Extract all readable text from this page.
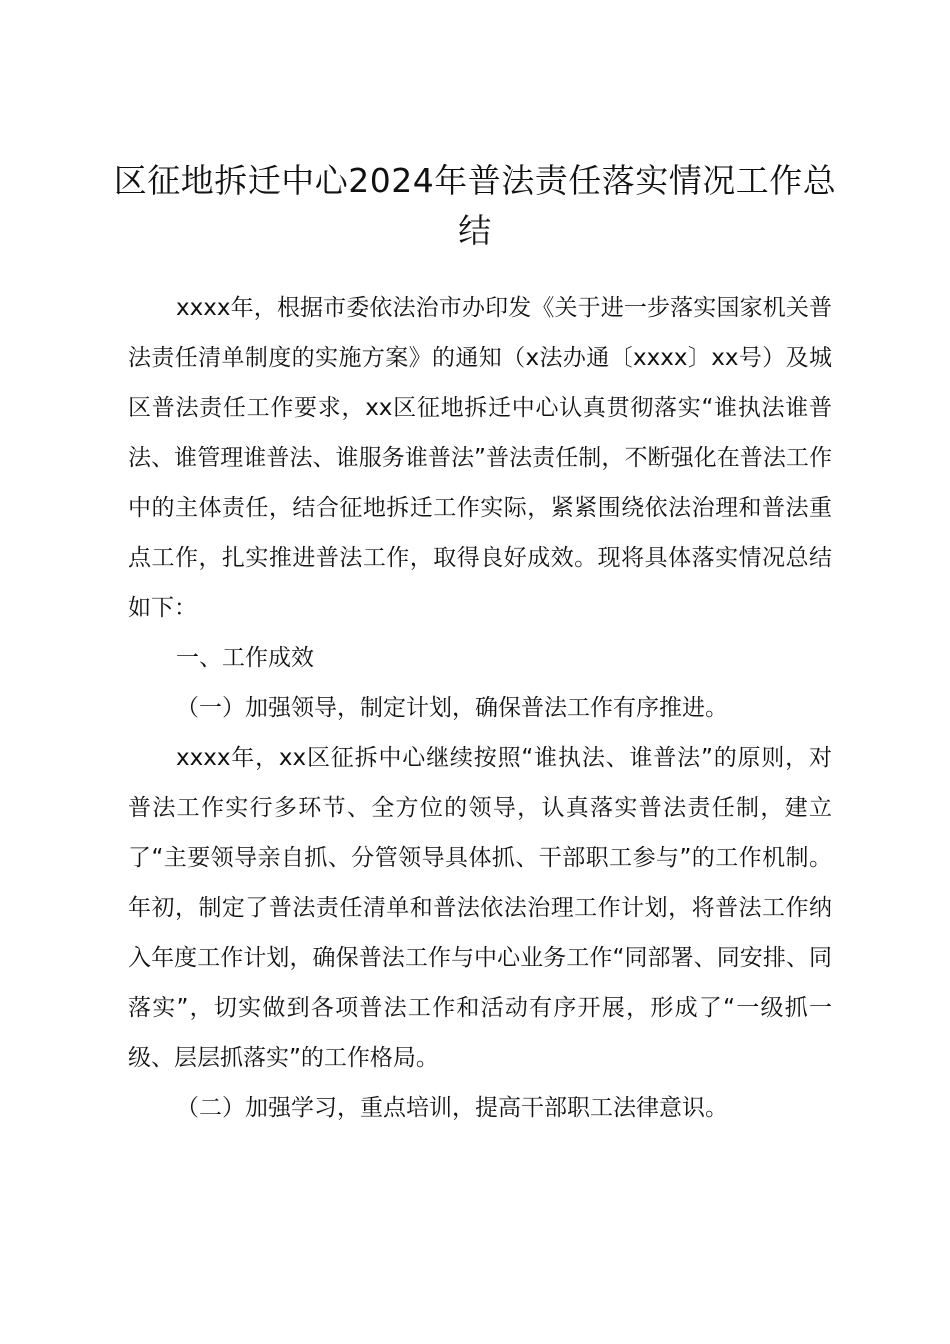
区征地拆迁中心2024年普法责任落实情况工作总结

xxxx年，根据市委依法治市办印发《关于进一步落实国家机关普法责任清单制度的实施方案》的通知（x法办通〔xxxx〕xx号）及城区普法责任工作要求，xx区征地拆迁中心认真贯彻落实“谁执法谁普法、谁管理谁普法、谁服务谁普法”普法责任制，不断强化在普法工作中的主体责任，结合征地拆迁工作实际，紧紧围绕依法治理和普法重点工作，扎实推进普法工作，取得良好成效。现将具体落实情况总结如下：

一、工作成效

（一）加强领导，制定计划，确保普法工作有序推进。

xxxx年，xx区征拆中心继续按照“谁执法、谁普法”的原则，对普法工作实行多环节、全方位的领导，认真落实普法责任制，建立了“主要领导亲自抓、分管领导具体抓、干部职工参与”的工作机制。年初，制定了普法责任清单和普法依法治理工作计划，将普法工作纳入年度工作计划，确保普法工作与中心业务工作“同部署、同安排、同落实”，切实做到各项普法工作和活动有序开展，形成了“一级抓一级、层层抓落实”的工作格局。

（二）加强学习，重点培训，提高干部职工法律意识。
